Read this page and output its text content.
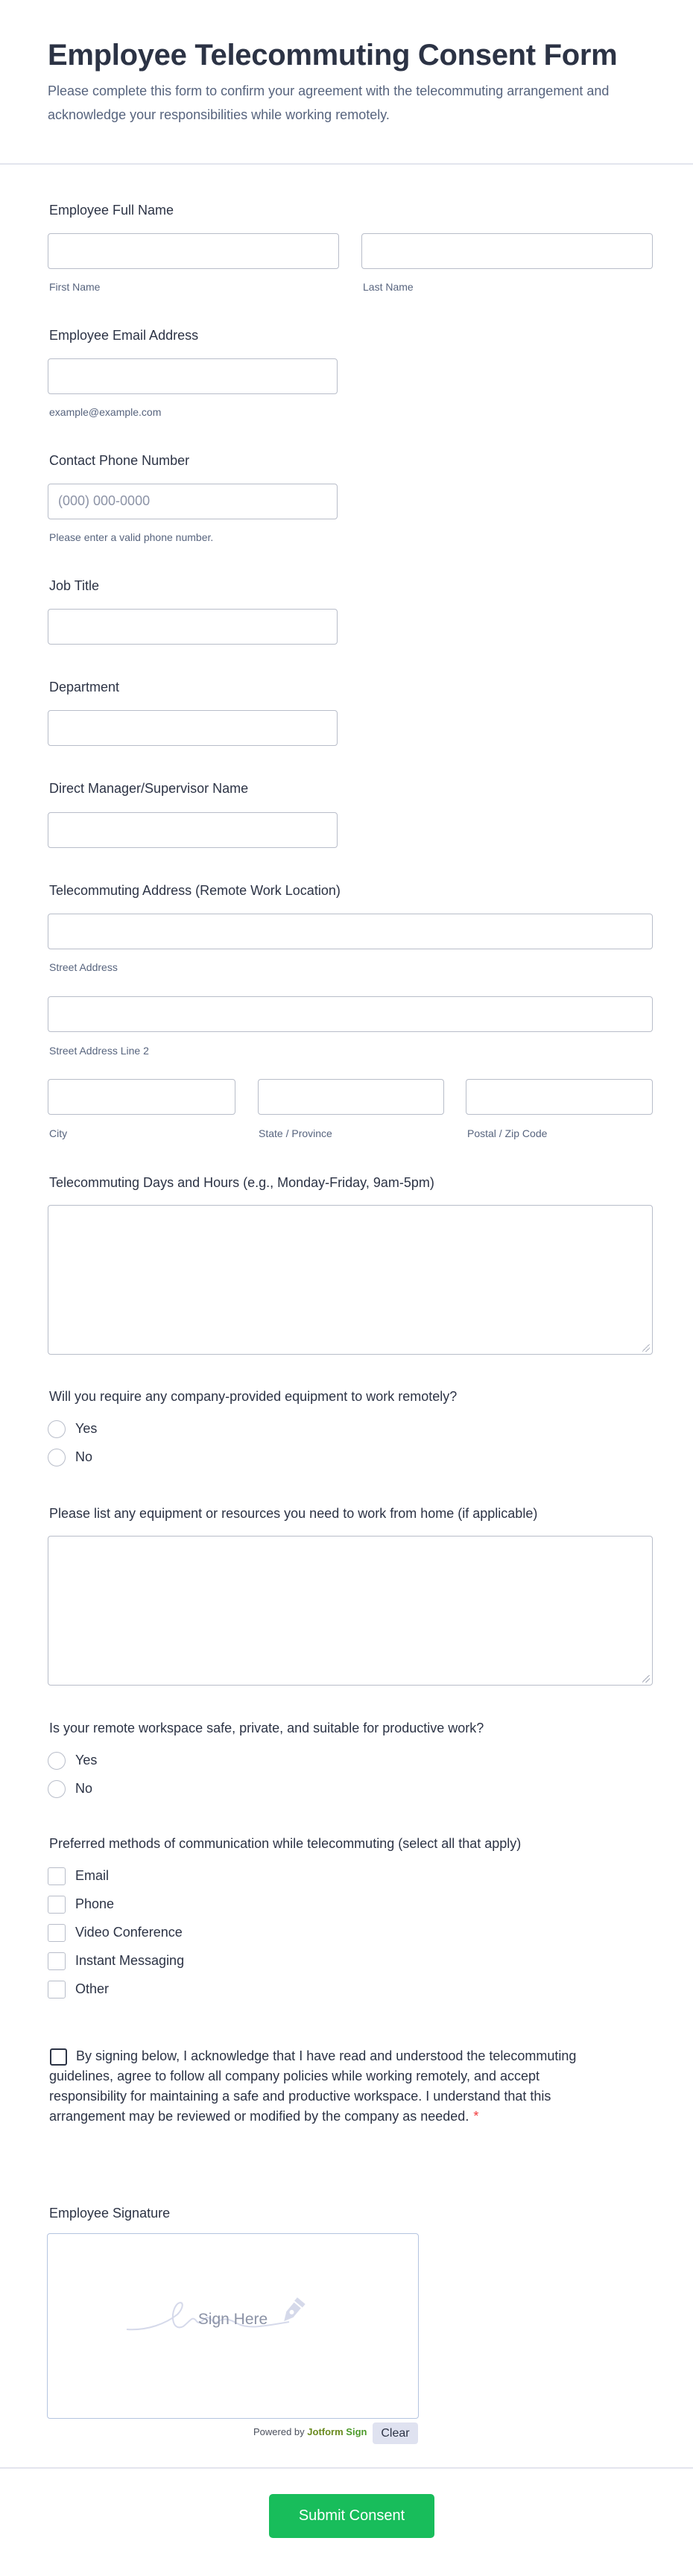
Employee Telecommuting Consent Form
Please complete this form to confirm your agreement with the telecommuting arrangement and acknowledge your responsibilities while working remotely.
Employee Full Name
First Name	Last Name
Employee Email Address
example@example.com
Contact Phone Number
(000) 000-0000
Please enter a valid phone number.
Job Title
Department
Direct Manager/Supervisor Name
Telecommuting Address (Remote Work Location)
Street Address
Street Address Line 2
City	State / Province	Postal / Zip Code
Telecommuting Days and Hours (e.g., Monday-Friday, 9am-5pm)
Will you require any company-provided equipment to work remotely?
Yes
No
Please list any equipment or resources you need to work from home (if applicable)
Is your remote workspace safe, private, and suitable for productive work?
Yes
No
Preferred methods of communication while telecommuting (select all that apply)
Email
Phone
Video Conference
Instant Messaging
Other
By signing below, I acknowledge that I have read and understood the telecommuting guidelines, agree to follow all company policies while working remotely, and accept responsibility for maintaining a safe and productive workspace. I understand that this arrangement may be reviewed or modified by the company as needed. *
Employee Signature
Sign Here
Powered by Jotform Sign	Clear
Submit Consent
